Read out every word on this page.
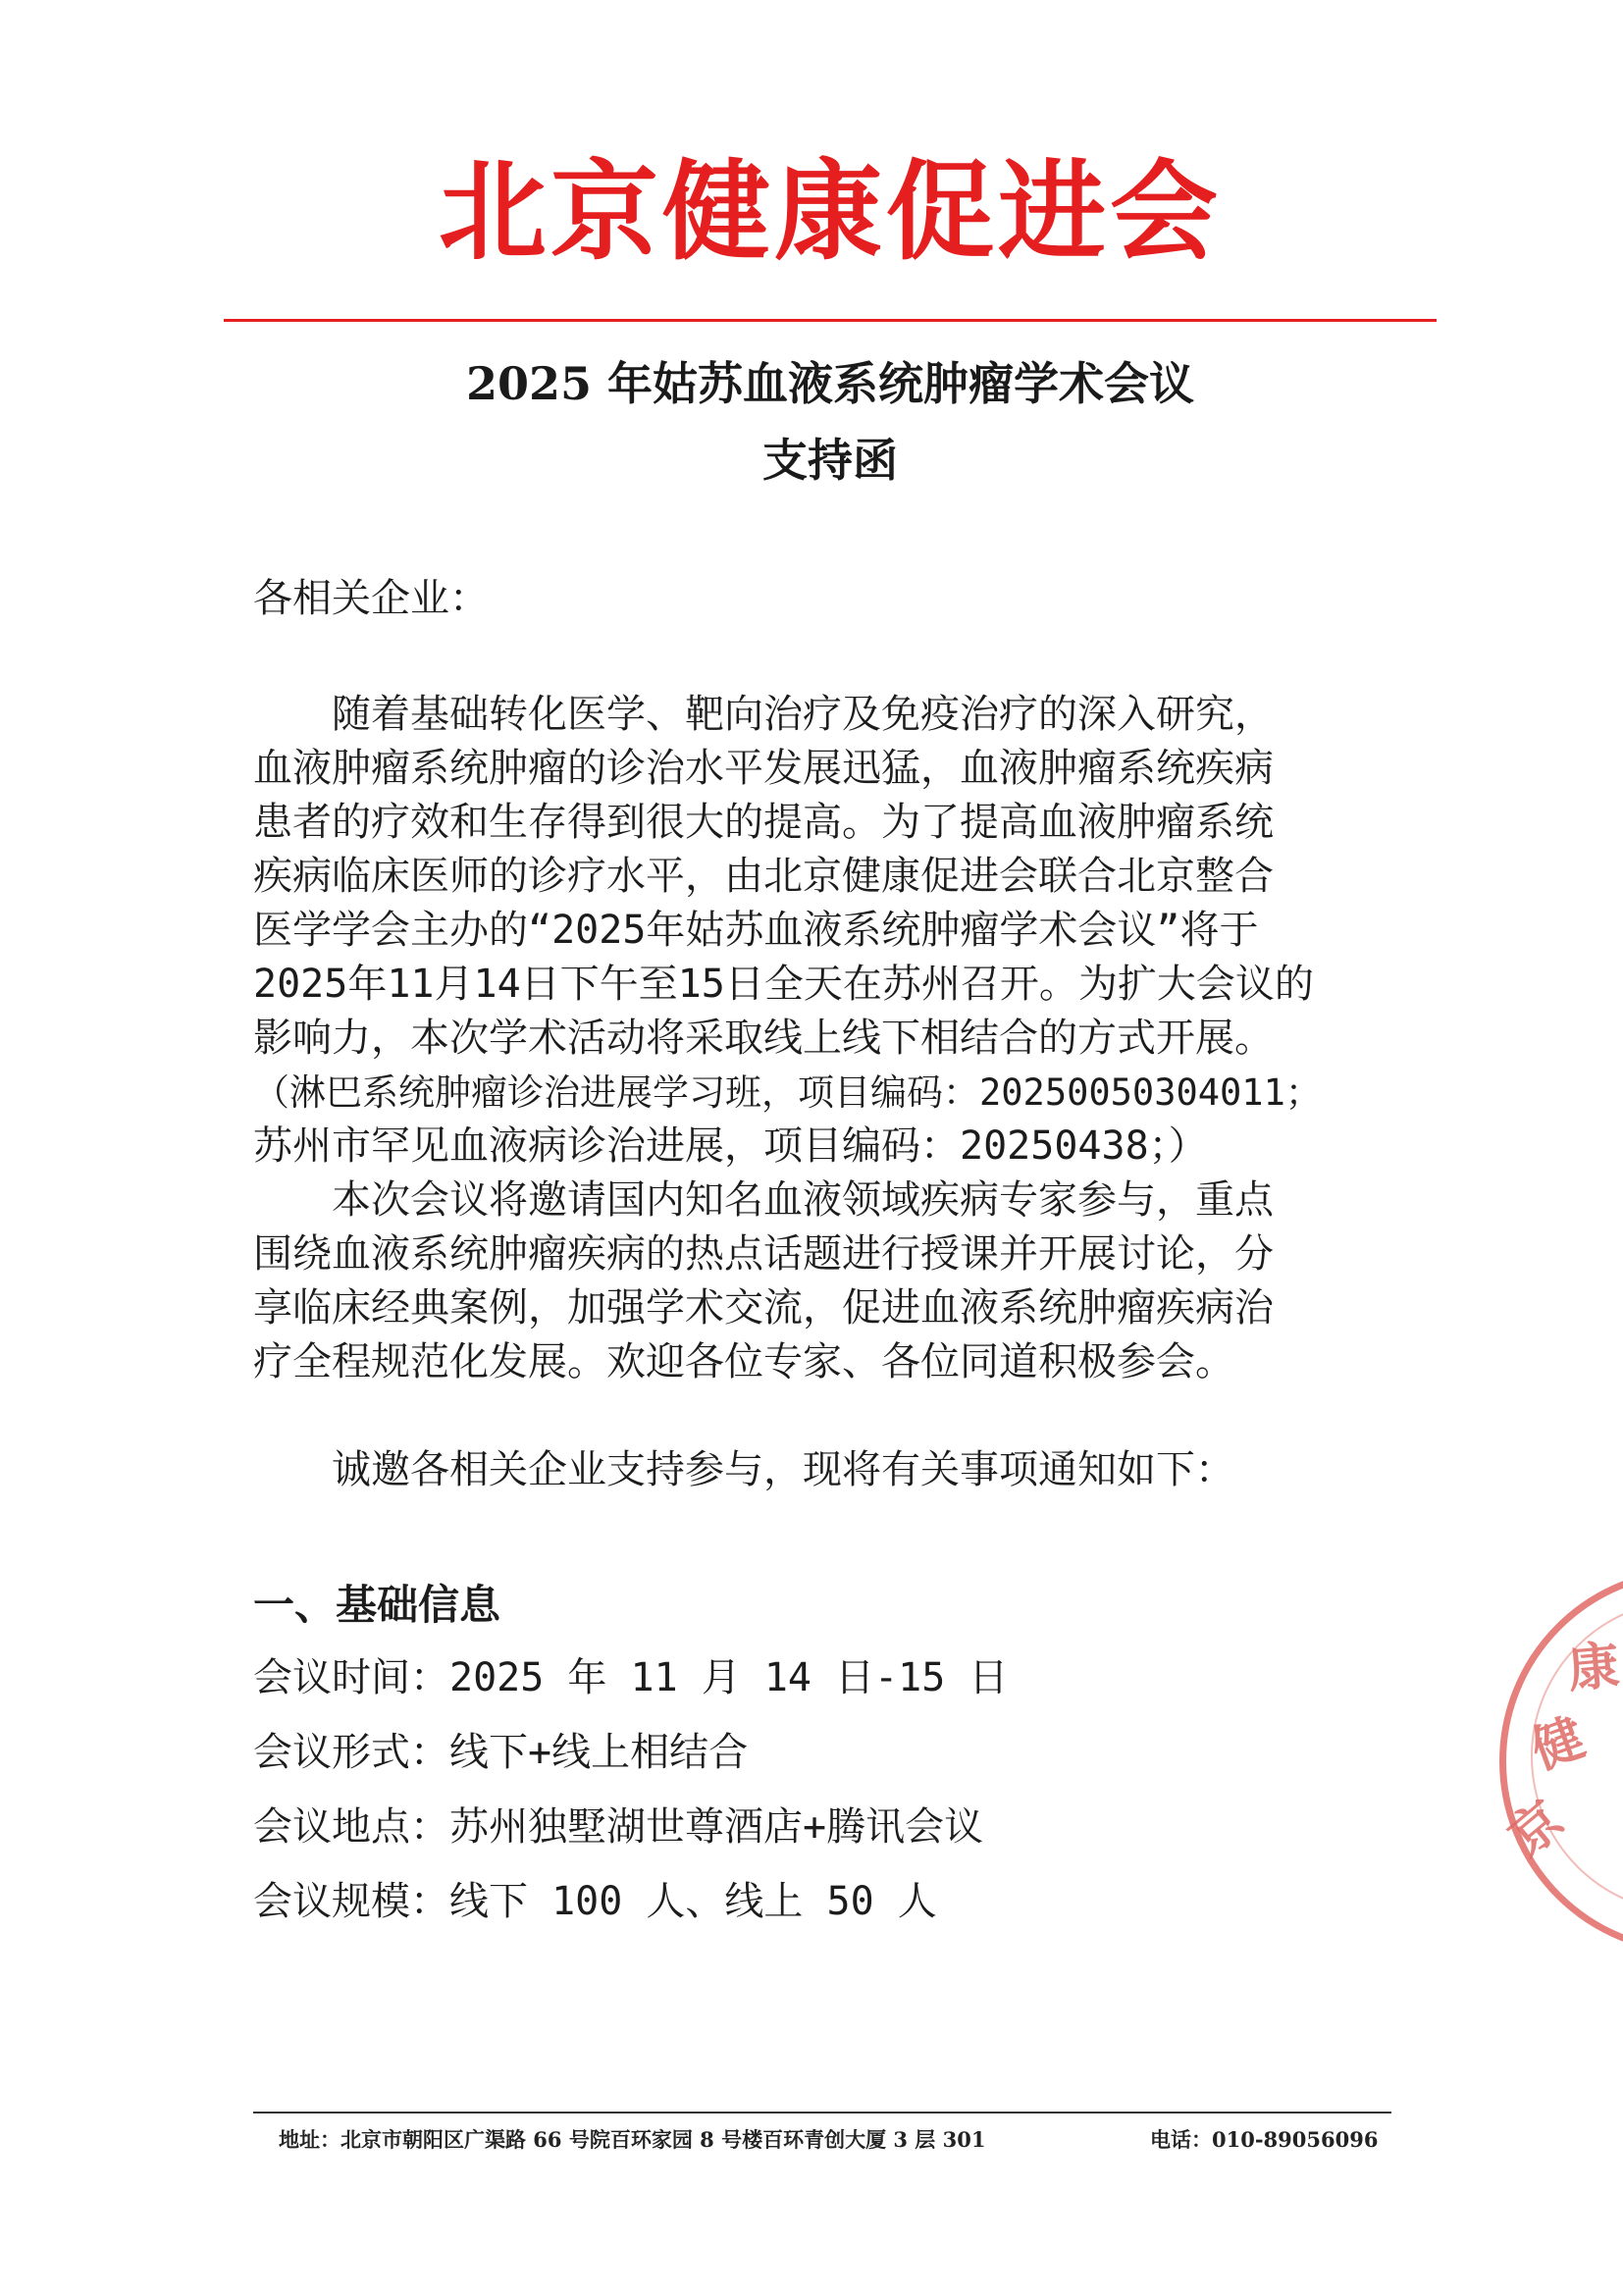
北京健康促进会
2025 年姑苏血液系统肿瘤学术会议
支持函
各相关企业：
随着基础转化医学、靶向治疗及免疫治疗的深入研究，
血液肿瘤系统肿瘤的诊治水平发展迅猛，血液肿瘤系统疾病
患者的疗效和生存得到很大的提高。为了提高血液肿瘤系统
疾病临床医师的诊疗水平，由北京健康促进会联合北京整合
医学学会主办的“2025年姑苏血液系统肿瘤学术会议”将于
2025年11月14日下午至15日全天在苏州召开。为扩大会议的
影响力，本次学术活动将采取线上线下相结合的方式开展。
（淋巴系统肿瘤诊治进展学习班，项目编码：20250050304011；
苏州市罕见血液病诊治进展，项目编码：20250438；）
本次会议将邀请国内知名血液领域疾病专家参与，重点
围绕血液系统肿瘤疾病的热点话题进行授课并开展讨论，分
享临床经典案例，加强学术交流，促进血液系统肿瘤疾病治
疗全程规范化发展。欢迎各位专家、各位同道积极参会。
诚邀各相关企业支持参与，现将有关事项通知如下：
一、基础信息
会议时间：2025 年 11 月 14 日-15 日
会议形式：线下+线上相结合
会议地点：苏州独墅湖世尊酒店+腾讯会议
会议规模：线下 100 人、线上 50 人
地址：北京市朝阳区广渠路 66 号院百环家园 8 号楼百环青创大厦 3 层 301	电话：010-89056096
京
健
康
